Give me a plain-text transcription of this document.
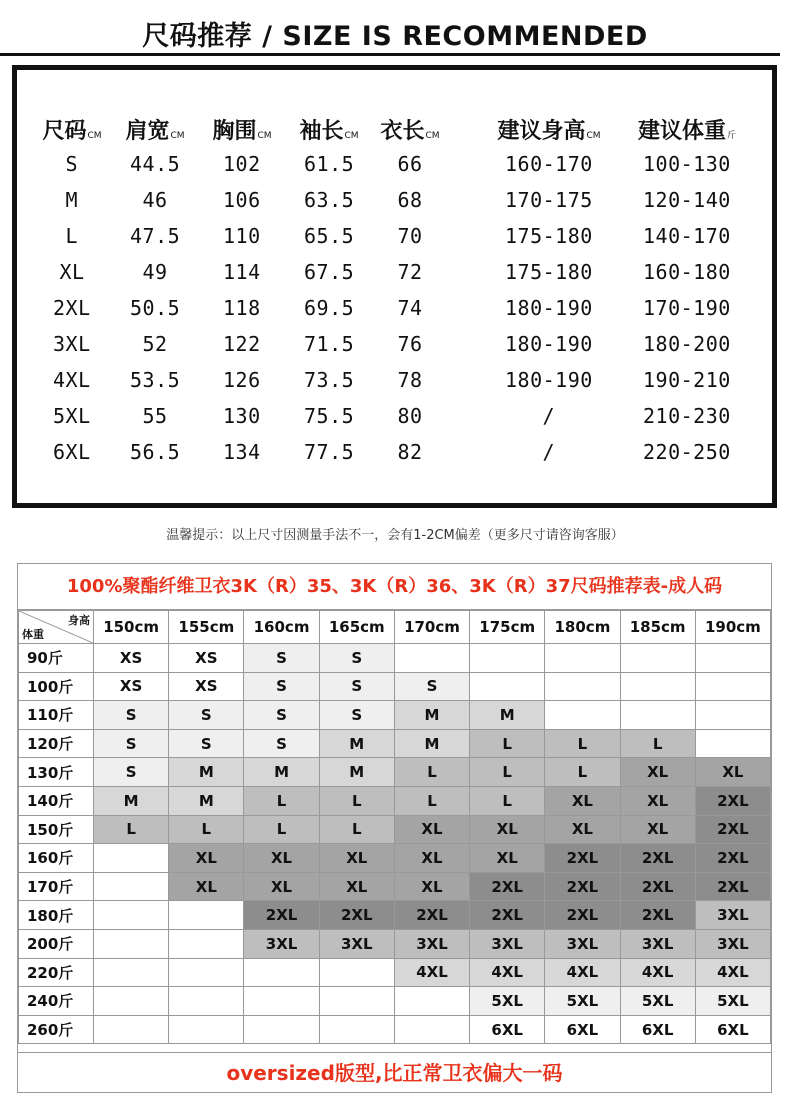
尺码推荐 / SIZE IS RECOMMENDED
尺码CM 肩宽CM 胸围CM 袖长CM 衣长CM	建议身高CM 建议体重斤
S	44.5 102 61.5 66	160-170	100-130
M	46	106 63.5 68	170-175	120-140
L	47.5 110 65.5 70	175-180	140-170
XL	49	114 67.5 72	175-180	160-180
2XL 50.5 118 69.5 74	180-190	170-190
3XL	52	122 71.5 76	180-190	180-200
4XL 53.5 126 73.5 78	180-190	190-210
5XL	55	130 75.5 80	/	210-230
6XL 56.5 134 77.5 82	/	220-250
温馨提示：以上尺寸因测量手法不一，会有1-2CM偏差（更多尺寸请咨询客服）
100%聚酯纤维卫衣3K（R）35、3K（R）36、3K（R）37尺码推荐表-成人码
身高
体重	150cm	155cm	160cm	165cm	170cm	175cm	180cm	185cm	190cm
90斤	XS	XS	S	S					
100斤	XS	XS	S	S	S				
110斤	S	S	S	S	M	M			
120斤	S	S	S	M	M	L	L	L	
130斤	S	M	M	M	L	L	L	XL	XL
140斤	M	M	L	L	L	L	XL	XL	2XL
150斤	L	L	L	L	XL	XL	XL	XL	2XL
160斤		XL	XL	XL	XL	XL	2XL	2XL	2XL
170斤		XL	XL	XL	XL	2XL	2XL	2XL	2XL
180斤			2XL	2XL	2XL	2XL	2XL	2XL	3XL
200斤			3XL	3XL	3XL	3XL	3XL	3XL	3XL
220斤					4XL	4XL	4XL	4XL	4XL
240斤						5XL	5XL	5XL	5XL
260斤						6XL	6XL	6XL	6XL
oversized版型,比正常卫衣偏大一码
